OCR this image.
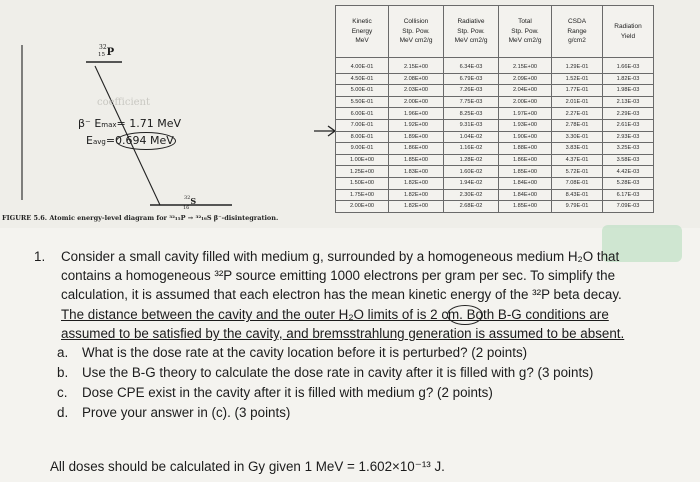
coefficient
$^{32}$P
15
β⁻ Emax= 1.71 MeV
Eavg=0.694 MeV
$^{32}$S
16
FIGURE 5.6. Atomic energy-level diagram for ³²₁₅P → ³²₁₆S β⁻-disintegration.
Kinetic
Energy
MeV	Collision
Stp. Pow.
MeV cm2/g	Radiative
Stp. Pow.
MeV cm2/g	Total
Stp. Pow.
MeV cm2/g	CSDA
Range
g/cm2	Radiation
Yield
4.00E-01	2.15E+00	6.34E-03	2.15E+00	1.29E-01	1.66E-03
4.50E-01	2.08E+00	6.79E-03	2.09E+00	1.52E-01	1.82E-03
5.00E-01	2.03E+00	7.26E-03	2.04E+00	1.77E-01	1.98E-03
5.50E-01	2.00E+00	7.75E-03	2.00E+00	2.01E-01	2.13E-03
6.00E-01	1.96E+00	8.25E-03	1.97E+00	2.27E-01	2.29E-03
7.00E-01	1.92E+00	9.31E-03	1.93E+00	2.78E-01	2.61E-03
8.00E-01	1.89E+00	1.04E-02	1.90E+00	3.30E-01	2.93E-03
9.00E-01	1.86E+00	1.16E-02	1.88E+00	3.83E-01	3.25E-03
1.00E+00	1.85E+00	1.28E-02	1.86E+00	4.37E-01	3.58E-03
1.25E+00	1.83E+00	1.60E-02	1.85E+00	5.72E-01	4.42E-03
1.50E+00	1.82E+00	1.94E-02	1.84E+00	7.08E-01	5.28E-03
1.75E+00	1.82E+00	2.30E-02	1.84E+00	8.43E-01	6.17E-03
2.00E+00	1.82E+00	2.68E-02	1.85E+00	9.79E-01	7.09E-03
1. Consider a small cavity filled with medium g, surrounded by a homogeneous medium H₂O that
contains a homogeneous ³²P source emitting 1000 electrons per gram per sec. To simplify the
calculation, it is assumed that each electron has the mean kinetic energy of the ³²P beta decay.
The distance between the cavity and the outer H₂O limits of is 2 cm. Both B-G conditions are
assumed to be satisfied by the cavity, and bremsstrahlung generation is assumed to be absent.
a. What is the dose rate at the cavity location before it is perturbed? (2 points)
b. Use the B-G theory to calculate the dose rate in cavity after it is filled with g? (3 points)
c. Dose CPE exist in the cavity after it is filled with medium g? (2 points)
d. Prove your answer in (c). (3 points)
All doses should be calculated in Gy given 1 MeV = 1.602×10⁻¹³ J.
